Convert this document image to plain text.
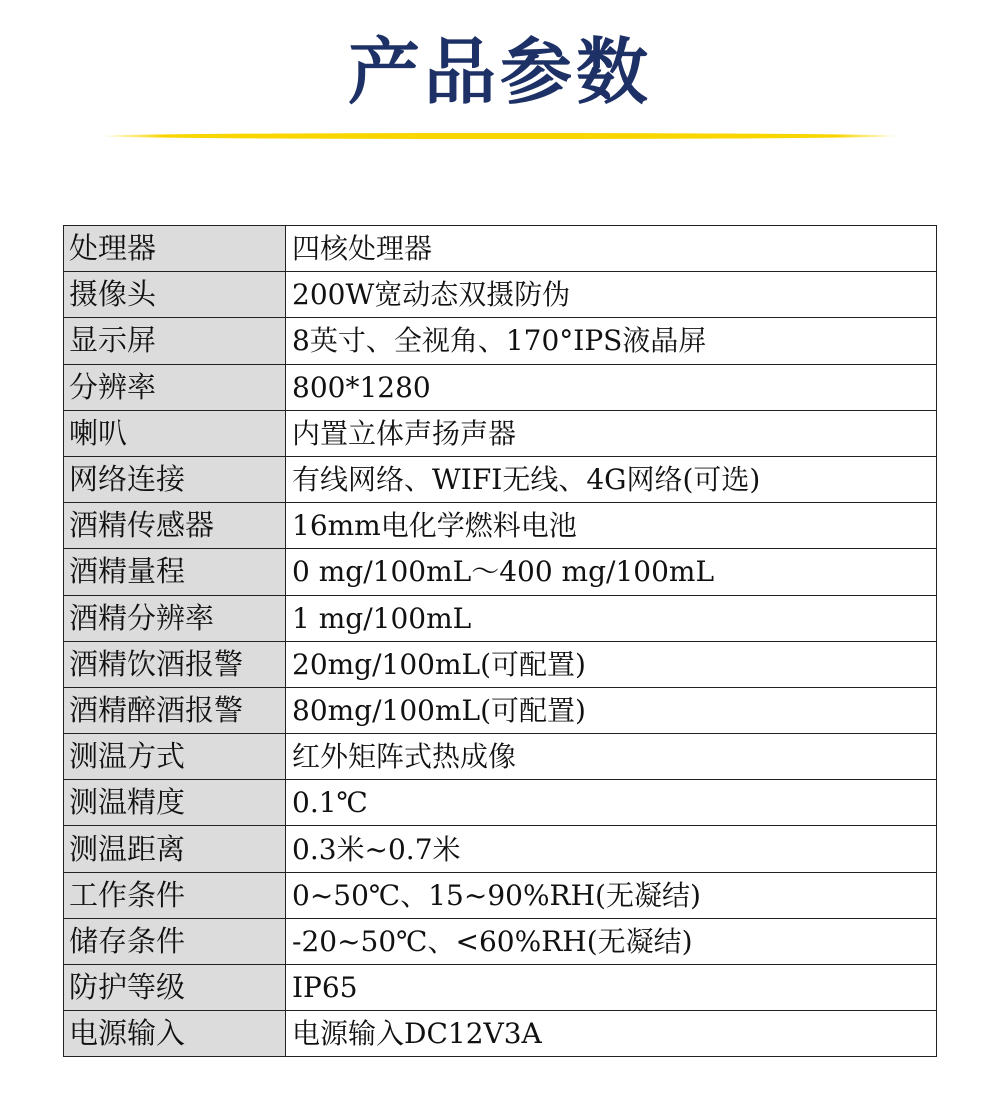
产品参数
处理器	四核处理器
摄像头	200W宽动态双摄防伪
显示屏	8英寸、全视角、170°IPS液晶屏
分辨率	800*1280
喇叭	内置立体声扬声器
网络连接	有线网络、WIFI无线、4G网络(可选)
酒精传感器	16mm电化学燃料电池
酒精量程	0 mg/100mL～400 mg/100mL
酒精分辨率	1 mg/100mL
酒精饮酒报警	20mg/100mL(可配置)
酒精醉酒报警	80mg/100mL(可配置)
测温方式	红外矩阵式热成像
测温精度	0.1℃
测温距离	0.3米~0.7米
工作条件	0~50℃、15~90%RH(无凝结)
储存条件	-20~50℃、<60%RH(无凝结)
防护等级	IP65
电源输入	电源输入DC12V3A
